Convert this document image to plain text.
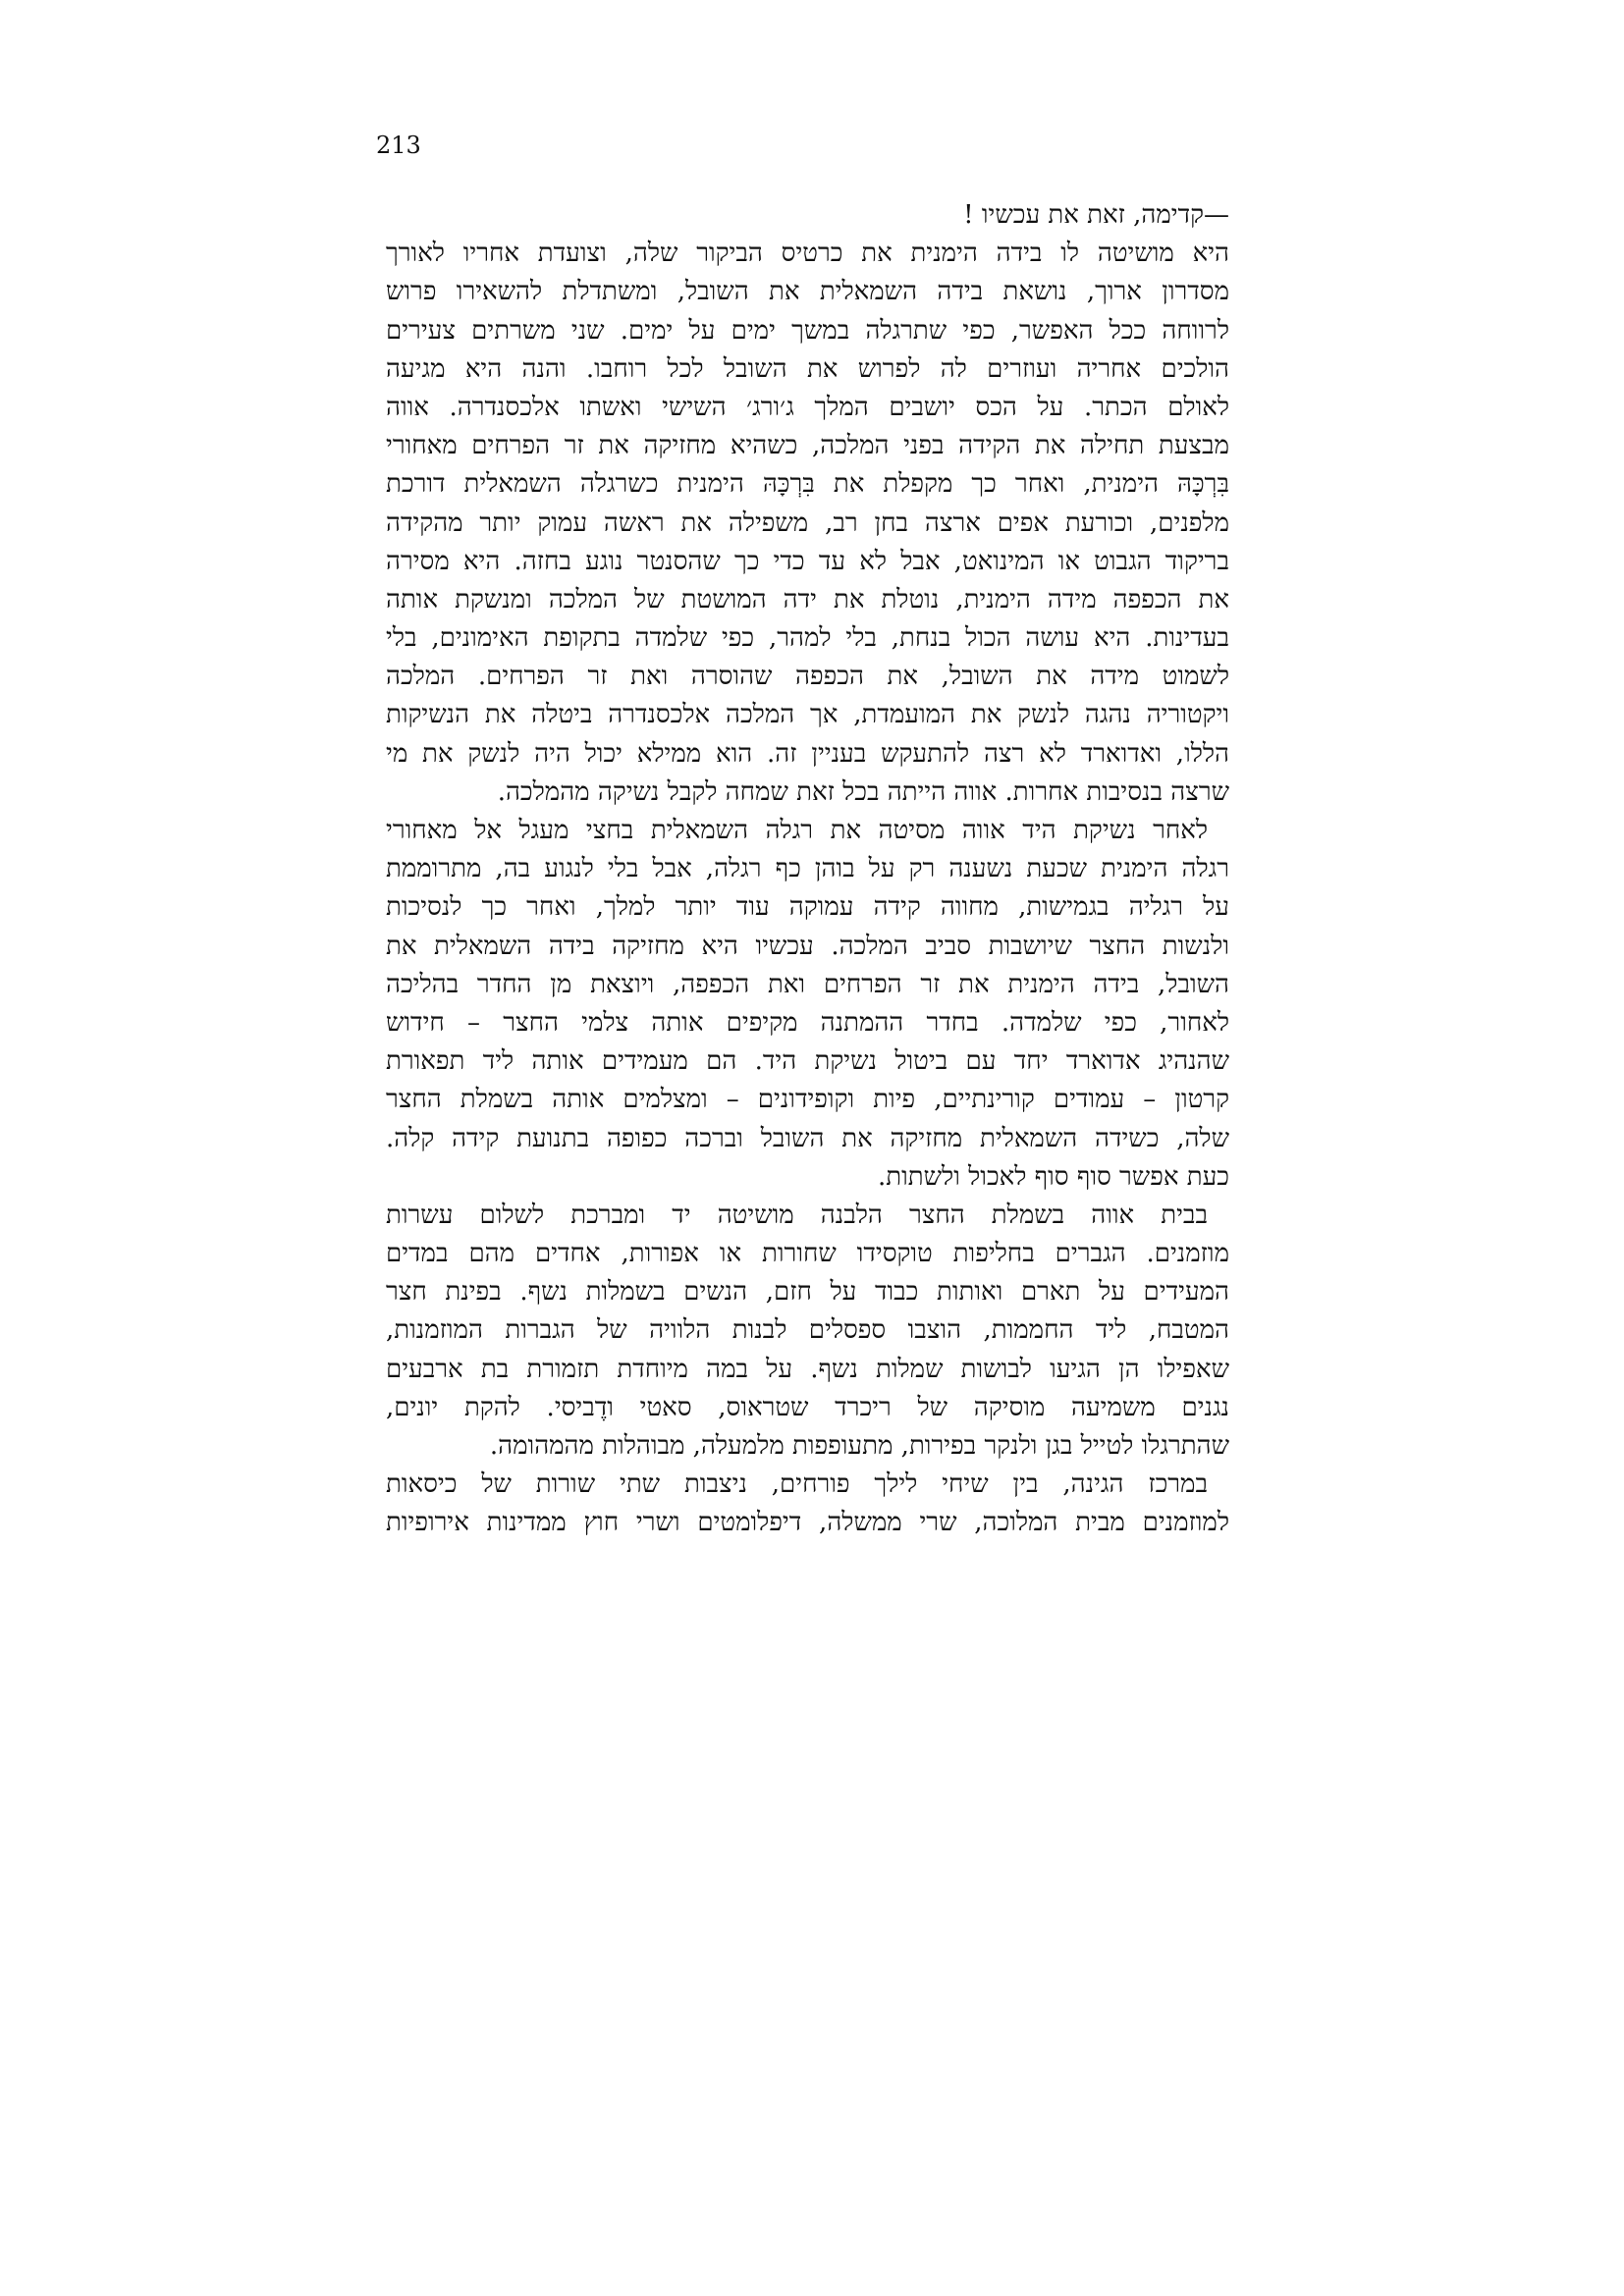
213
—קדימה, זאת את עכשיו !
היא מושיטה לו בידה הימנית את כרטיס הביקור שלה, וצועדת אחריו לאורך
מסדרון ארוך, נושאת בידה השמאלית את השובל, ומשתדלת להשאירו פרוש
לרווחה ככל האפשר, כפי שתרגלה במשך ימים על ימים. שני משרתים צעירים
הולכים אחריה ועוזרים לה לפרוש את השובל לכל רוחבו. והנה היא מגיעה
לאולם הכתר. על הכס יושבים המלך ג׳ורג׳ השישי ואשתו אלכסנדרה. אווה
מבצעת תחילה את הקידה בפני המלכה, כשהיא מחזיקה את זר הפרחים מאחורי
בִּרְכָּהּ הימנית, ואחר כך מקפלת את בִּרְכָּהּ הימנית כשרגלה השמאלית דורכת
מלפנים, וכורעת אפים ארצה בחן רב, משפילה את ראשה עמוק יותר מהקידה
בריקוד הגבוט או המינואט, אבל לא עד כדי כך שהסנטר נוגע בחזה. היא מסירה
את הכפפה מידה הימנית, נוטלת את ידה המושטת של המלכה ומנשקת אותה
בעדינות. היא עושה הכול בנחת, בלי למהר, כפי שלמדה בתקופת האימונים, בלי
לשמוט מידה את השובל, את הכפפה שהוסרה ואת זר הפרחים. המלכה
ויקטוריה נהגה לנשק את המועמדת, אך המלכה אלכסנדרה ביטלה את הנשיקות
הללו, ואדוארד לא רצה להתעקש בעניין זה. הוא ממילא יכול היה לנשק את מי
שרצה בנסיבות אחרות. אווה הייתה בכל זאת שמחה לקבל נשיקה מהמלכה.
לאחר נשיקת היד אווה מסיטה את רגלה השמאלית בחצי מעגל אל מאחורי
רגלה הימנית שכעת נשענה רק על בוהן כף רגלה, אבל בלי לנגוע בה, מתרוממת
על רגליה בגמישות, מחווה קידה עמוקה עוד יותר למלך, ואחר כך לנסיכות
ולנשות החצר שיושבות סביב המלכה. עכשיו היא מחזיקה בידה השמאלית את
השובל, בידה הימנית את זר הפרחים ואת הכפפה, ויוצאת מן החדר בהליכה
לאחור, כפי שלמדה. בחדר ההמתנה מקיפים אותה צלמי החצר – חידוש
שהנהיג אדוארד יחד עם ביטול נשיקת היד. הם מעמידים אותה ליד תפאורת
קרטון – עמודים קורינתיים, פיות וקופידונים – ומצלמים אותה בשמלת החצר
שלה, כשידה השמאלית מחזיקה את השובל וברכה כפופה בתנועת קידה קלה.
כעת אפשר סוף סוף לאכול ולשתות.
בבית אווה בשמלת החצר הלבנה מושיטה יד ומברכת לשלום עשרות
מוזמנים. הגברים בחליפות טוקסידו שחורות או אפורות, אחדים מהם במדים
המעידים על תארם ואותות כבוד על חזם, הנשים בשמלות נשף. בפינת חצר
המטבח, ליד החממות, הוצבו ספסלים לבנות הלוויה של הגברות המוזמנות,
שאפילו הן הגיעו לבושות שמלות נשף. על במה מיוחדת תזמורת בת ארבעים
נגנים משמיעה מוסיקה של ריכרד שטראוס, סאטי ודֶביסי. להקת יונים,
שהתרגלו לטייל בגן ולנקר בפירות, מתעופפות מלמעלה, מבוהלות מהמהומה.
במרכז הגינה, בין שיחי לילך פורחים, ניצבות שתי שורות של כיסאות
למוזמנים מבית המלוכה, שרי ממשלה, דיפלומטים ושרי חוץ ממדינות אירופיות
